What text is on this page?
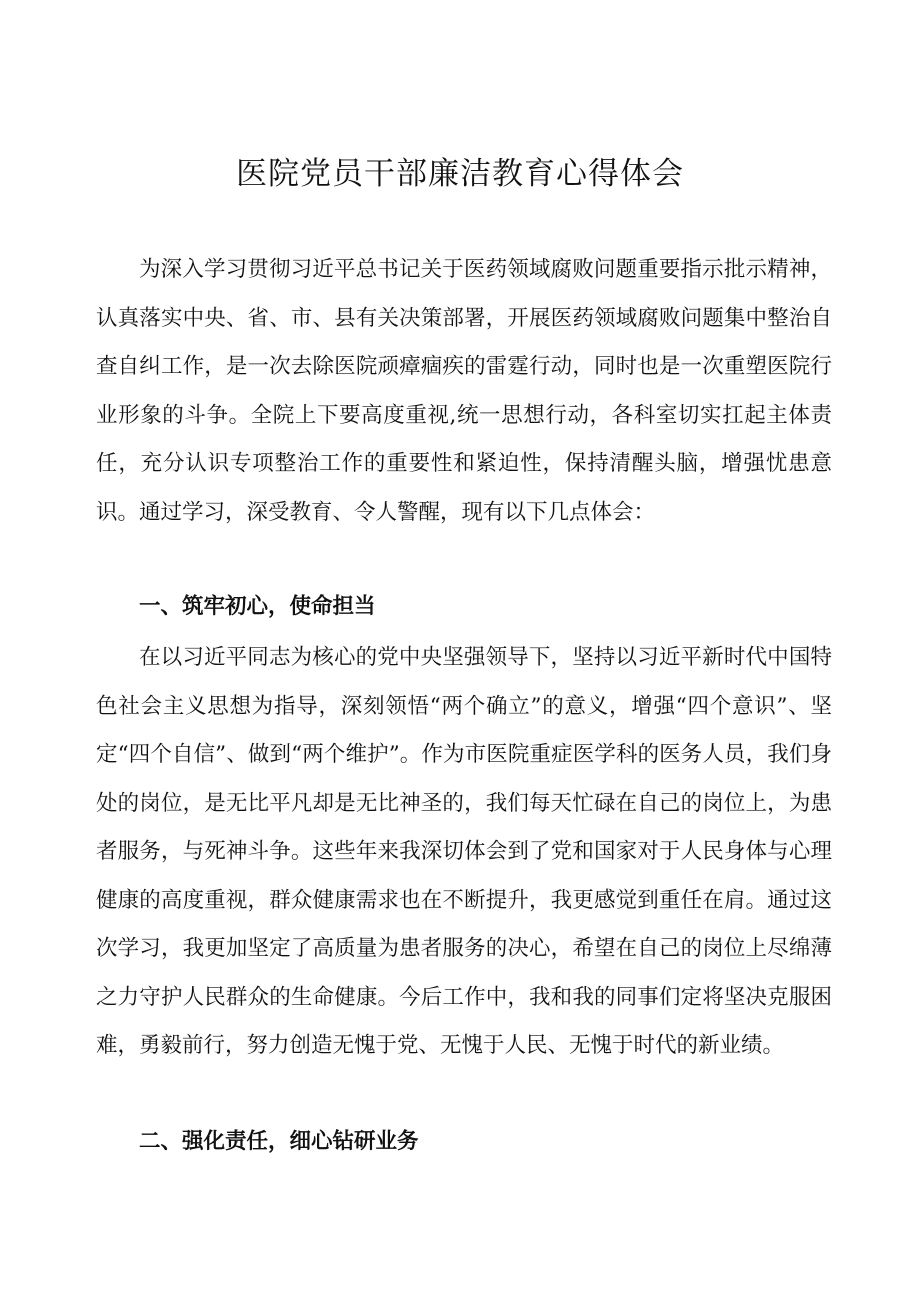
医院党员干部廉洁教育心得体会

为深入学习贯彻习近平总书记关于医药领域腐败问题重要指示批示精神，认真落实中央、省、市、县有关决策部署，开展医药领域腐败问题集中整治自查自纠工作，是一次去除医院顽瘴痼疾的雷霆行动，同时也是一次重塑医院行业形象的斗争。全院上下要高度重视,统一思想行动，各科室切实扛起主体责任，充分认识专项整治工作的重要性和紧迫性，保持清醒头脑，增强忧患意识。通过学习，深受教育、令人警醒，现有以下几点体会：

一、筑牢初心，使命担当

在以习近平同志为核心的党中央坚强领导下，坚持以习近平新时代中国特色社会主义思想为指导，深刻领悟“两个确立”的意义，增强“四个意识”、坚定“四个自信”、做到“两个维护”。作为市医院重症医学科的医务人员，我们身处的岗位，是无比平凡却是无比神圣的，我们每天忙碌在自己的岗位上，为患者服务，与死神斗争。这些年来我深切体会到了党和国家对于人民身体与心理健康的高度重视，群众健康需求也在不断提升，我更感觉到重任在肩。通过这次学习，我更加坚定了高质量为患者服务的决心，希望在自己的岗位上尽绵薄之力守护人民群众的生命健康。今后工作中，我和我的同事们定将坚决克服困难，勇毅前行，努力创造无愧于党、无愧于人民、无愧于时代的新业绩。

二、强化责任，细心钻研业务
